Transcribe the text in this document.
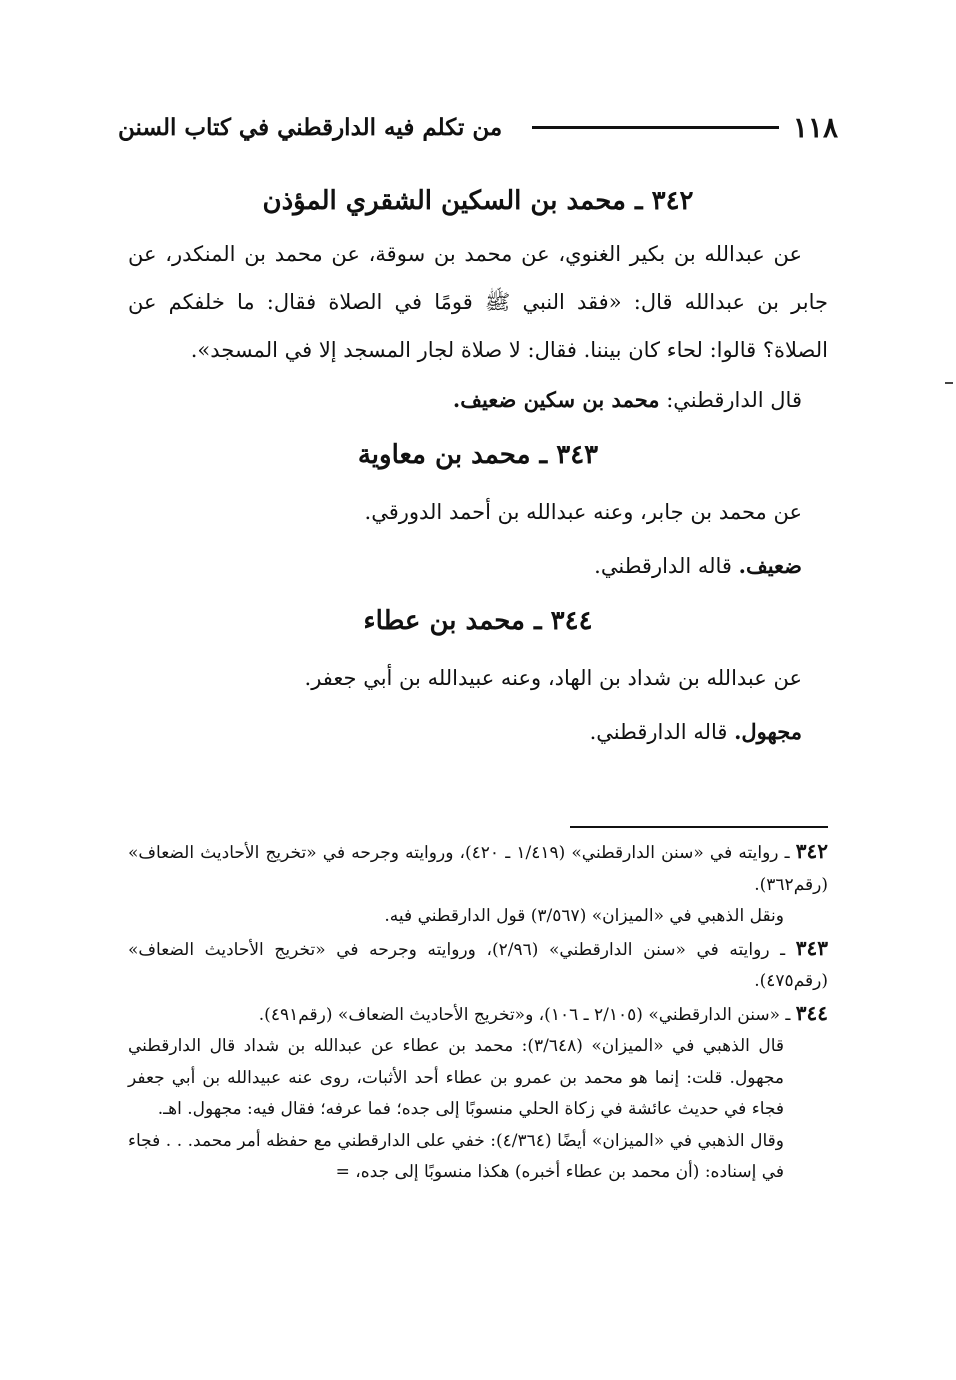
١١٨
من تكلم فيه الدارقطني في كتاب السنن
٣٤٢ ـ محمد بن السكين الشقري المؤذن

عن عبدالله بن بكير الغنوي، عن محمد بن سوقة، عن محمد بن المنكدر، عن جابر بن عبدالله قال: «فقد النبي ﷺ قومًا في الصلاة فقال: ما خلفكم عن الصلاة؟ قالوا: لحاء كان بيننا. فقال: لا صلاة لجار المسجد إلا في المسجد».

قال الدارقطني: محمد بن سكين ضعيف.

٣٤٣ ـ محمد بن معاوية

عن محمد بن جابر، وعنه عبدالله بن أحمد الدورقي.

ضعيف. قاله الدارقطني.

٣٤٤ ـ محمد بن عطاء

عن عبدالله بن شداد بن الهاد، وعنه عبيدالله بن أبي جعفر.

مجهول. قاله الدارقطني.

٣٤٢ ـ روايته في «سنن الدارقطني» (١/٤١٩ ـ ٤٢٠)، وروايته وجرحه في «تخريج الأحاديث الضعاف» (رقم٣٦٢).

ونقل الذهبي في «الميزان» (٣/٥٦٧) قول الدارقطني فيه.

٣٤٣ ـ روايته في «سنن الدارقطني» (٢/٩٦)، وروايته وجرحه في «تخريج الأحاديث الضعاف» (رقم٤٧٥).

٣٤٤ ـ «سنن الدارقطني» (٢/١٠٥ ـ ١٠٦)، و«تخريج الأحاديث الضعاف» (رقم٤٩١).

قال الذهبي في «الميزان» (٣/٦٤٨): محمد بن عطاء عن عبدالله بن شداد قال الدارقطني مجهول. قلت: إنما هو محمد بن عمرو بن عطاء أحد الأثبات، روى عنه عبيدالله بن أبي جعفر فجاء في حديث عائشة في زكاة الحلي منسوبًا إلى جده؛ فما عرفه؛ فقال فيه: مجهول. اهـ.

وقال الذهبي في «الميزان» أيضًا (٤/٣٦٤): خفي على الدارقطني مع حفظه أمر محمد. . . فجاء في إسناده: (أن محمد بن عطاء أخبره) هكذا منسوبًا إلى جده، =
